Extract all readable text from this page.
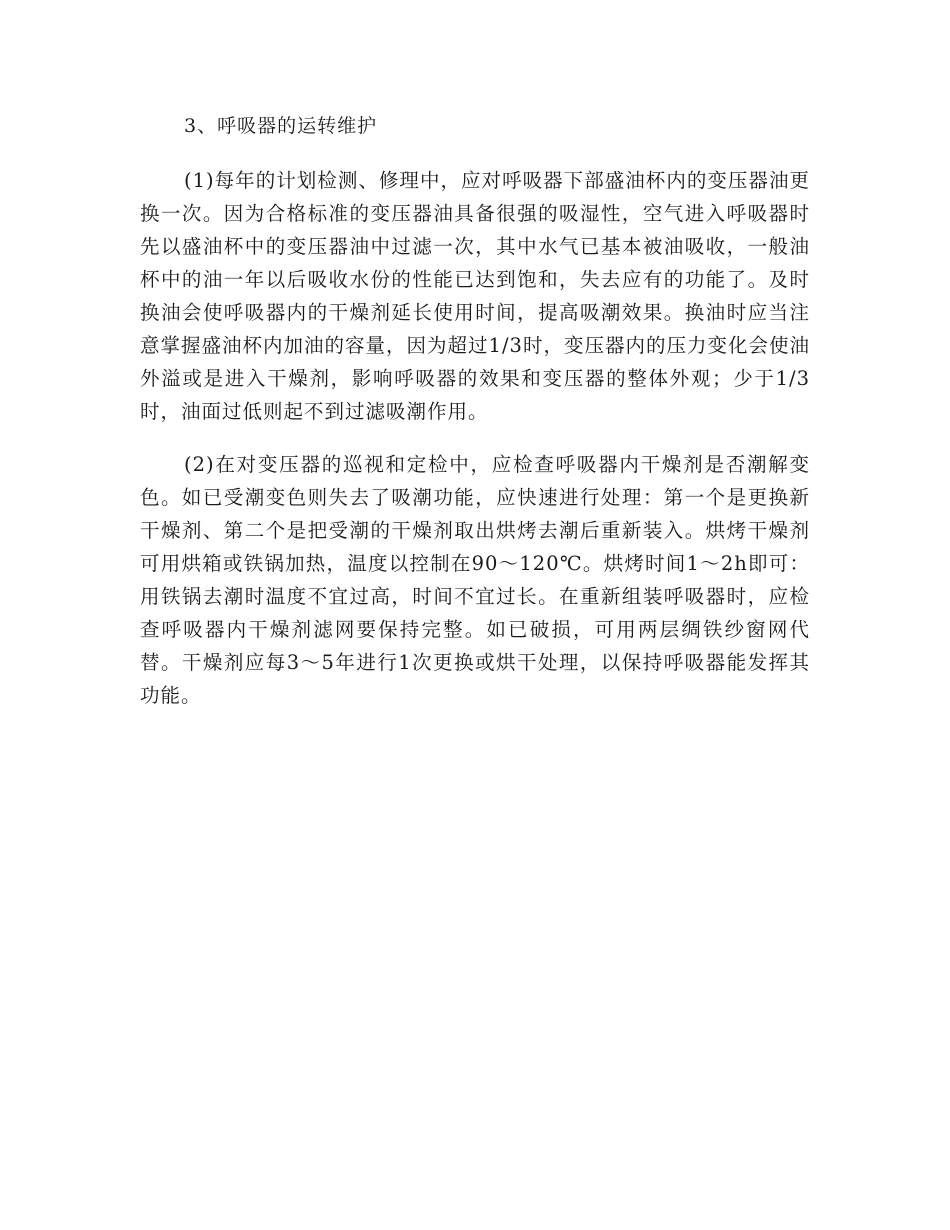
3、呼吸器的运转维护

(1)每年的计划检测、修理中，应对呼吸器下部盛油杯内的变压器油更换一次。因为合格标准的变压器油具备很强的吸湿性，空气进入呼吸器时先以盛油杯中的变压器油中过滤一次，其中水气已基本被油吸收，一般油杯中的油一年以后吸收水份的性能已达到饱和，失去应有的功能了。及时换油会使呼吸器内的干燥剂延长使用时间，提高吸潮效果。换油时应当注意掌握盛油杯内加油的容量，因为超过1/3时，变压器内的压力变化会使油外溢或是进入干燥剂，影响呼吸器的效果和变压器的整体外观；少于1/3时，油面过低则起不到过滤吸潮作用。

(2)在对变压器的巡视和定检中，应检查呼吸器内干燥剂是否潮解变色。如已受潮变色则失去了吸潮功能，应快速进行处理：第一个是更换新干燥剂、第二个是把受潮的干燥剂取出烘烤去潮后重新装入。烘烤干燥剂可用烘箱或铁锅加热，温度以控制在90～120℃。烘烤时间1～2h即可：用铁锅去潮时温度不宜过高，时间不宜过长。在重新组装呼吸器时，应检查呼吸器内干燥剂滤网要保持完整。如已破损，可用两层绸铁纱窗网代替。干燥剂应每3～5年进行1次更换或烘干处理，以保持呼吸器能发挥其功能。
